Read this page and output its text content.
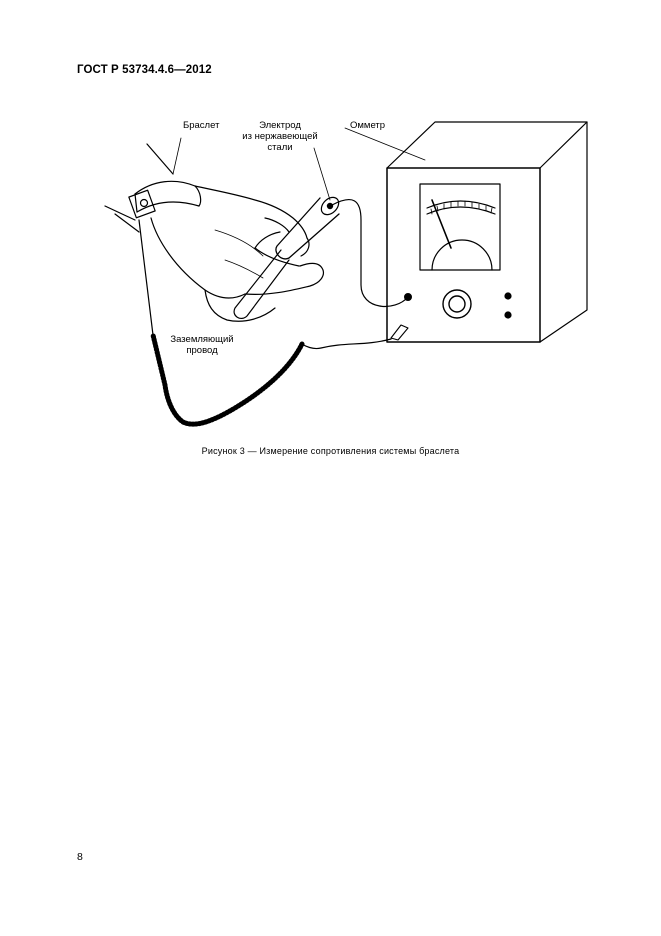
ГОСТ Р 53734.4.6—2012
Браслет	Электрод
из нержавеющей
стали
Омметр
Заземляющий
провод
Рисунок 3 — Измерение сопротивления системы браслета
8
